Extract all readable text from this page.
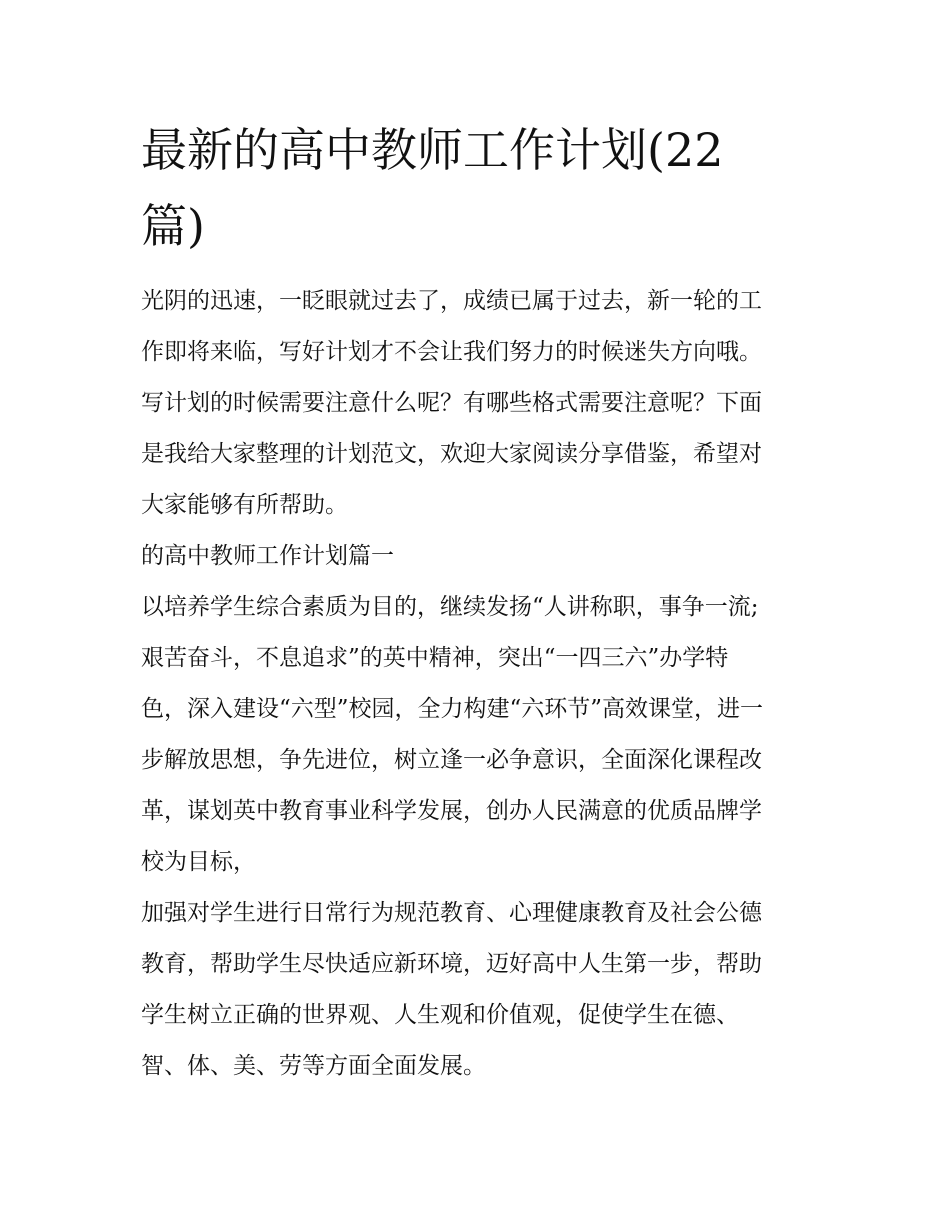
最新的高中教师工作计划(22
篇)
光阴的迅速，一眨眼就过去了，成绩已属于过去，新一轮的工
作即将来临，写好计划才不会让我们努力的时候迷失方向哦。
写计划的时候需要注意什么呢？有哪些格式需要注意呢？下面
是我给大家整理的计划范文，欢迎大家阅读分享借鉴，希望对
大家能够有所帮助。
的高中教师工作计划篇一
以培养学生综合素质为目的，继续发扬“人讲称职，事争一流;
艰苦奋斗，不息追求”的英中精神，突出“一四三六”办学特
色，深入建设“六型”校园，全力构建“六环节”高效课堂，进一
步解放思想，争先进位，树立逢一必争意识，全面深化课程改
革，谋划英中教育事业科学发展，创办人民满意的优质品牌学
校为目标，
加强对学生进行日常行为规范教育、心理健康教育及社会公德
教育，帮助学生尽快适应新环境，迈好高中人生第一步，帮助
学生树立正确的世界观、人生观和价值观，促使学生在德、
智、体、美、劳等方面全面发展。
